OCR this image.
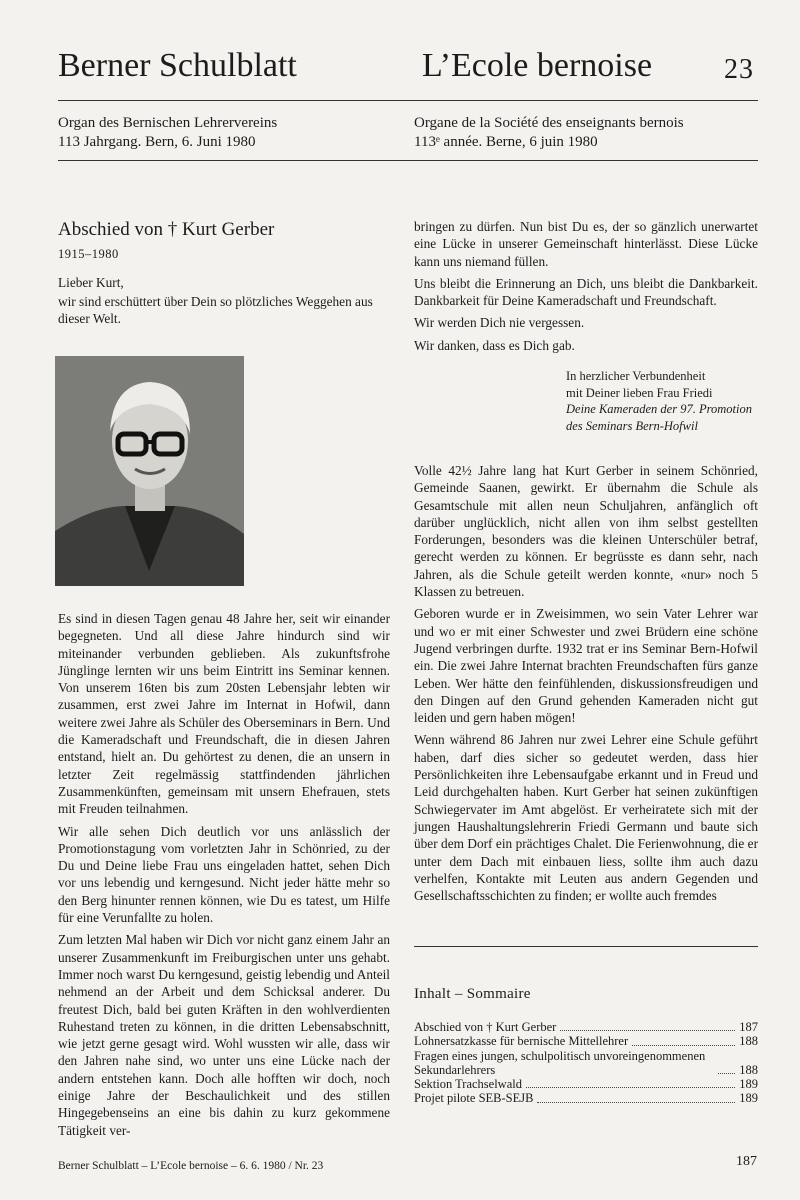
Berner Schulblatt	L’Ecole bernoise	23
Organ des Bernischen Lehrervereins
113 Jahrgang. Bern, 6. Juni 1980
Organe de la Société des enseignants bernois
113ᵉ année. Berne, 6 juin 1980
Abschied von † Kurt Gerber
1915–1980
Lieber Kurt,
wir sind erschüttert über Dein so plötzliches Weggehen aus dieser Welt.

Es sind in diesen Tagen genau 48 Jahre her, seit wir einander begegneten. Und all diese Jahre hindurch sind wir miteinander verbunden geblieben. Als zukunftsfrohe Jünglinge lernten wir uns beim Eintritt ins Seminar kennen. Von unserem 16ten bis zum 20sten Lebensjahr lebten wir zusammen, erst zwei Jahre im Internat in Hofwil, dann weitere zwei Jahre als Schüler des Oberseminars in Bern. Und die Kameradschaft und Freundschaft, die in diesen Jahren entstand, hielt an. Du gehörtest zu denen, die an unsern in letzter Zeit regelmässig stattfindenden jährlichen Zusammenkünften, gemeinsam mit unsern Ehefrauen, stets mit Freuden teilnahmen.

Wir alle sehen Dich deutlich vor uns anlässlich der Promotionstagung vom vorletzten Jahr in Schönried, zu der Du und Deine liebe Frau uns eingeladen hattet, sehen Dich vor uns lebendig und kerngesund. Nicht jeder hätte mehr so den Berg hinunter rennen können, wie Du es tatest, um Hilfe für eine Verunfallte zu holen.

Zum letzten Mal haben wir Dich vor nicht ganz einem Jahr an unserer Zusammenkunft im Freiburgischen unter uns gehabt. Immer noch warst Du kerngesund, geistig lebendig und Anteil nehmend an der Arbeit und dem Schicksal anderer. Du freutest Dich, bald bei guten Kräften in den wohlverdienten Ruhestand treten zu können, in die dritten Lebensabschnitt, wie jetzt gerne gesagt wird. Wohl wussten wir alle, dass wir den Jahren nahe sind, wo unter uns eine Lücke nach der andern entstehen kann. Doch alle hofften wir doch, noch einige Jahre der Beschaulichkeit und des stillen Hingegebenseins an eine bis dahin zu kurz gekommene Tätigkeit ver-

bringen zu dürfen. Nun bist Du es, der so gänzlich unerwartet eine Lücke in unserer Gemeinschaft hinterlässt. Diese Lücke kann uns niemand füllen.

Uns bleibt die Erinnerung an Dich, uns bleibt die Dankbarkeit. Dankbarkeit für Deine Kameradschaft und Freundschaft.

Wir werden Dich nie vergessen.

Wir danken, dass es Dich gab.

In herzlicher Verbundenheit
mit Deiner lieben Frau Friedi
Deine Kameraden der 97. Promotion
des Seminars Bern-Hofwil

Volle 42½ Jahre lang hat Kurt Gerber in seinem Schönried, Gemeinde Saanen, gewirkt. Er übernahm die Schule als Gesamtschule mit allen neun Schuljahren, anfänglich oft darüber unglücklich, nicht allen von ihm selbst gestellten Forderungen, besonders was die kleinen Unterschüler betraf, gerecht werden zu können. Er begrüsste es dann sehr, nach Jahren, als die Schule geteilt werden konnte, «nur» noch 5 Klassen zu betreuen.

Geboren wurde er in Zweisimmen, wo sein Vater Lehrer war und wo er mit einer Schwester und zwei Brüdern eine schöne Jugend verbringen durfte. 1932 trat er ins Seminar Bern-Hofwil ein. Die zwei Jahre Internat brachten Freundschaften fürs ganze Leben. Wer hätte den feinfühlenden, diskussionsfreudigen und den Dingen auf den Grund gehenden Kameraden nicht gut leiden und gern haben mögen!

Wenn während 86 Jahren nur zwei Lehrer eine Schule geführt haben, darf dies sicher so gedeutet werden, dass hier Persönlichkeiten ihre Lebensaufgabe erkannt und in Freud und Leid durchgehalten haben. Kurt Gerber hat seinen zukünftigen Schwiegervater im Amt abgelöst. Er verheiratete sich mit der jungen Haushaltungslehrerin Friedi Germann und baute sich über dem Dorf ein prächtiges Chalet. Die Ferienwohnung, die er unter dem Dach mit einbauen liess, sollte ihm auch dazu verhelfen, Kontakte mit Leuten aus andern Gegenden und Gesellschaftsschichten zu finden; er wollte auch fremdes

Inhalt – Sommaire
Abschied von † Kurt Gerber	187
Lohnersatzkasse für bernische Mittellehrer	188
Fragen eines jungen, schulpolitisch unvoreingenommenen Sekundarlehrers	188
Sektion Trachselwald	189
Projet pilote SEB-SEJB	189
Berner Schulblatt – L’Ecole bernoise – 6. 6. 1980 / Nr. 23	187
